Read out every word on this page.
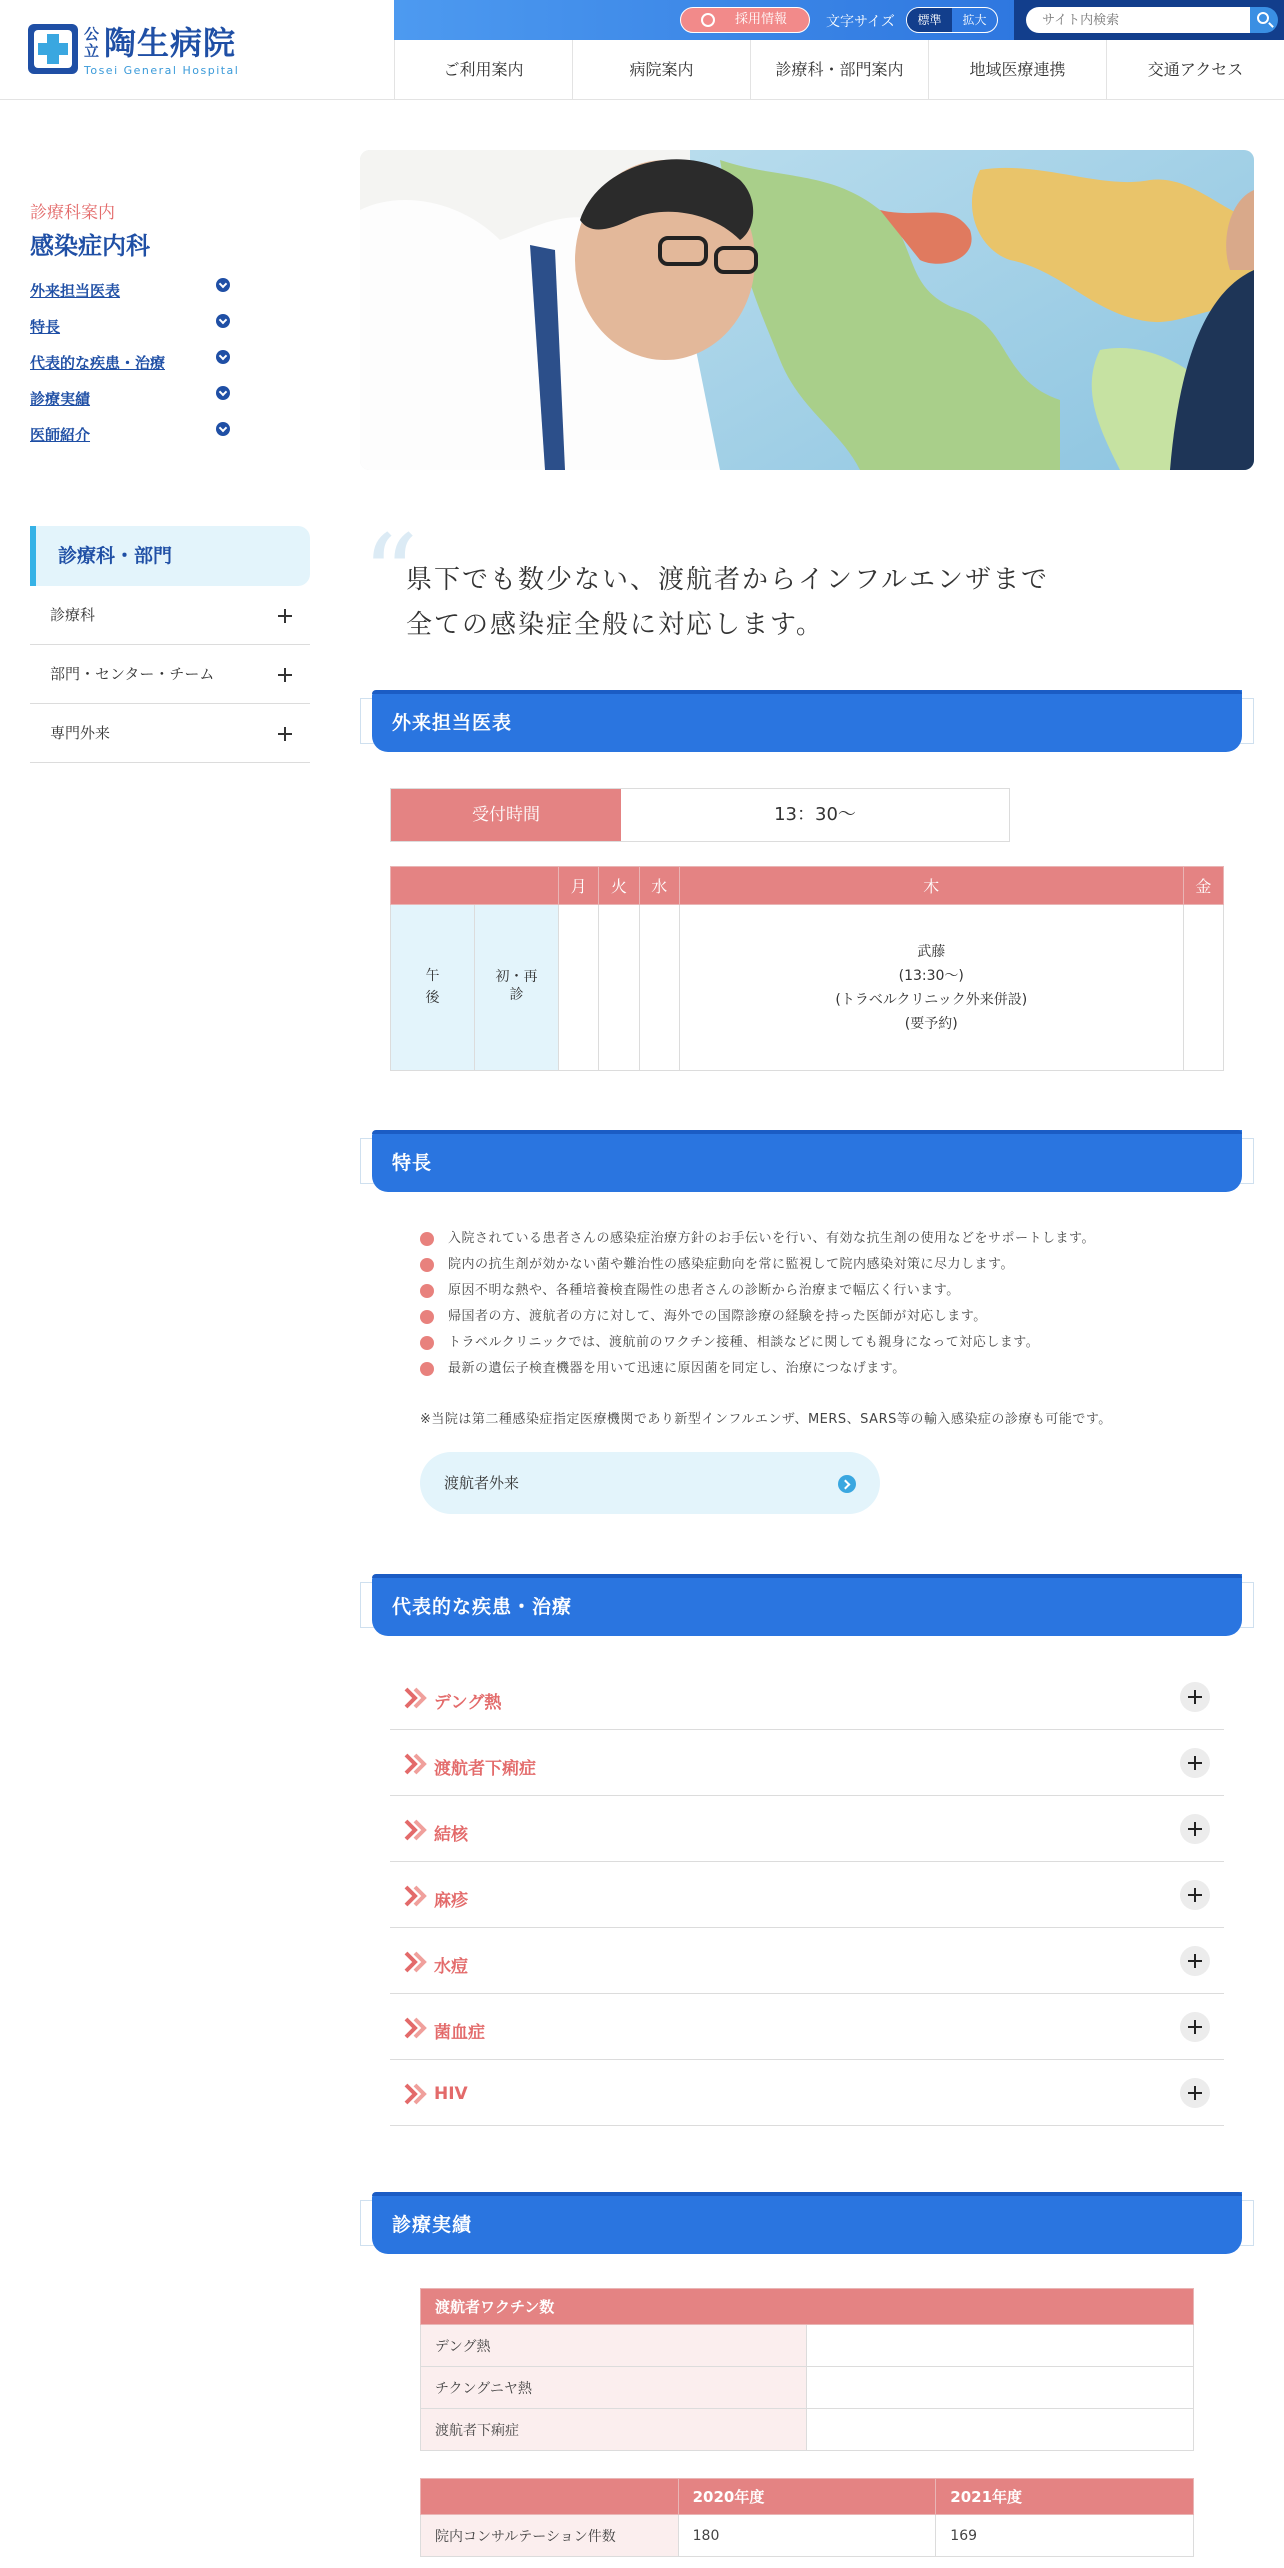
公立 陶生病院
Tosei General Hospital
採用情報	文字サイズ	標準	拡大
サイト内検索
ご利用案内	病院案内	診療科・部門案内	地域医療連携	交通アクセス
診療科案内
感染症内科
外来担当医表
特長
代表的な疾患・治療
診療実績
医師紹介
診療科・部門
診療科
部門・センター・チーム
専門外来
“
県下でも数少ない、渡航者からインフルエンザまで
全ての感染症全般に対応します。
外来担当医表
受付時間	13：30～
		月	火	水	木	金
午後	初・再診				武藤
(13:30～)
(トラベルクリニック外来併設)
(要予約)	
特長
入院されている患者さんの感染症治療方針のお手伝いを行い、有効な抗生剤の使用などをサポートします。
院内の抗生剤が効かない菌や難治性の感染症動向を常に監視して院内感染対策に尽力します。
原因不明な熱や、各種培養検査陽性の患者さんの診断から治療まで幅広く行います。
帰国者の方、渡航者の方に対して、海外での国際診療の経験を持った医師が対応します。
トラベルクリニックでは、渡航前のワクチン接種、相談などに関しても親身になって対応します。
最新の遺伝子検査機器を用いて迅速に原因菌を同定し、治療につなげます。
※当院は第二種感染症指定医療機関であり新型インフルエンザ、MERS、SARS等の輸入感染症の診療も可能です。
渡航者外来
代表的な疾患・治療
デング熱
渡航者下痢症
結核
麻疹
水痘
菌血症
HIV
診療実績
渡航者ワクチン数	
デング熱	
チクングニヤ熱	
渡航者下痢症	
	2020年度	2021年度
院内コンサルテーション件数	180	169
